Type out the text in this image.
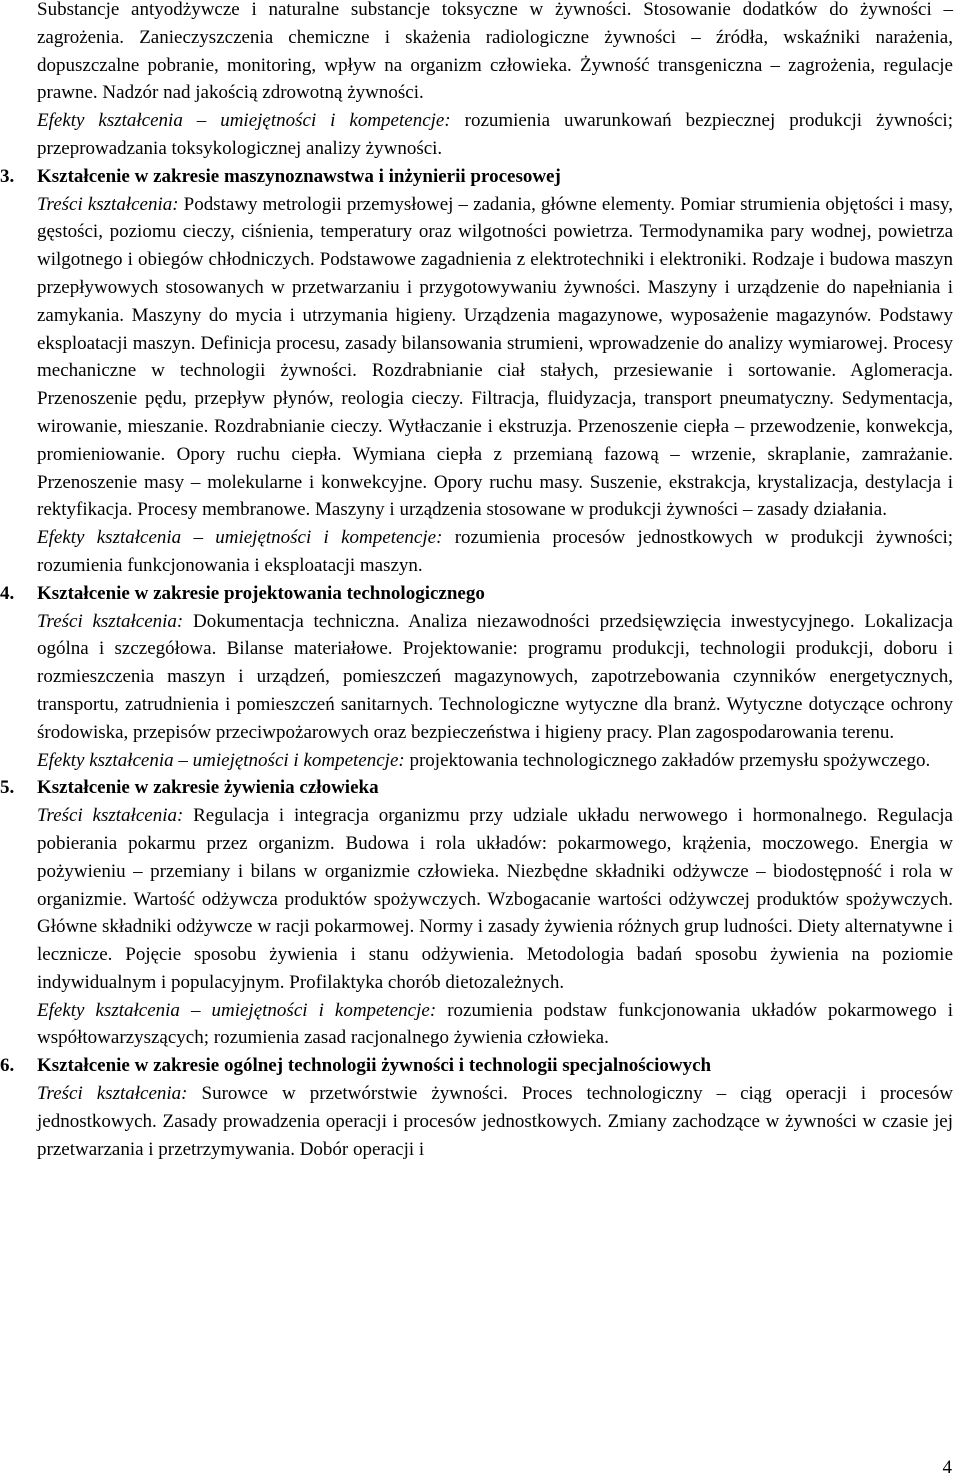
Substancje antyodżywcze i naturalne substancje toksyczne w żywności. Stosowanie dodatków do żywności – zagrożenia. Zanieczyszczenia chemiczne i skażenia radiologiczne żywności – źródła, wskaźniki narażenia, dopuszczalne pobranie, monitoring, wpływ na organizm człowieka. Żywność transgeniczna – zagrożenia, regulacje prawne. Nadzór nad jakością zdrowotną żywności.

Efekty kształcenia – umiejętności i kompetencje: rozumienia uwarunkowań bezpiecznej produkcji żywności; przeprowadzania toksykologicznej analizy żywności.

3.	Kształcenie w zakresie maszynoznawstwa i inżynierii procesowej

Treści kształcenia: Podstawy metrologii przemysłowej – zadania, główne elementy. Pomiar strumienia objętości i masy, gęstości, poziomu cieczy, ciśnienia, temperatury oraz wilgotności powietrza. Termodynamika pary wodnej, powietrza wilgotnego i obiegów chłodniczych. Podstawowe zagadnienia z elektrotechniki i elektroniki. Rodzaje i budowa maszyn przepływowych stosowanych w przetwarzaniu i przygotowywaniu żywności. Maszyny i urządzenie do napełniania i zamykania. Maszyny do mycia i utrzymania higieny. Urządzenia magazynowe, wyposażenie magazynów. Podstawy eksploatacji maszyn. Definicja procesu, zasady bilansowania strumieni, wprowadzenie do analizy wymiarowej. Procesy mechaniczne w technologii żywności. Rozdrabnianie ciał stałych, przesiewanie i sortowanie. Aglomeracja. Przenoszenie pędu, przepływ płynów, reologia cieczy. Filtracja, fluidyzacja, transport pneumatyczny. Sedymentacja, wirowanie, mieszanie. Rozdrabnianie cieczy. Wytłaczanie i ekstruzja. Przenoszenie ciepła – przewodzenie, konwekcja, promieniowanie. Opory ruchu ciepła. Wymiana ciepła z przemianą fazową – wrzenie, skraplanie, zamrażanie. Przenoszenie masy – molekularne i konwekcyjne. Opory ruchu masy. Suszenie, ekstrakcja, krystalizacja, destylacja i rektyfikacja. Procesy membranowe. Maszyny i urządzenia stosowane w produkcji żywności – zasady działania.

Efekty kształcenia – umiejętności i kompetencje: rozumienia procesów jednostkowych w produkcji żywności; rozumienia funkcjonowania i eksploatacji maszyn.

4.	Kształcenie w zakresie projektowania technologicznego

Treści kształcenia: Dokumentacja techniczna. Analiza niezawodności przedsięwzięcia inwestycyjnego. Lokalizacja ogólna i szczegółowa. Bilanse materiałowe. Projektowanie: programu produkcji, technologii produkcji, doboru i rozmieszczenia maszyn i urządzeń, pomieszczeń magazynowych, zapotrzebowania czynników energetycznych, transportu, zatrudnienia i pomieszczeń sanitarnych. Technologiczne wytyczne dla branż. Wytyczne dotyczące ochrony środowiska, przepisów przeciwpożarowych oraz bezpieczeństwa i higieny pracy. Plan zagospodarowania terenu.

Efekty kształcenia – umiejętności i kompetencje: projektowania technologicznego zakładów przemysłu spożywczego.

5.	Kształcenie w zakresie żywienia człowieka

Treści kształcenia: Regulacja i integracja organizmu przy udziale układu nerwowego i hormonalnego. Regulacja pobierania pokarmu przez organizm. Budowa i rola układów: pokarmowego, krążenia, moczowego. Energia w pożywieniu – przemiany i bilans w organizmie człowieka. Niezbędne składniki odżywcze – biodostępność i rola w organizmie. Wartość odżywcza produktów spożywczych. Wzbogacanie wartości odżywczej produktów spożywczych. Główne składniki odżywcze w racji pokarmowej. Normy i zasady żywienia różnych grup ludności. Diety alternatywne i lecznicze. Pojęcie sposobu żywienia i stanu odżywienia. Metodologia badań sposobu żywienia na poziomie indywidualnym i populacyjnym. Profilaktyka chorób dietozależnych.

Efekty kształcenia – umiejętności i kompetencje: rozumienia podstaw funkcjonowania układów pokarmowego i współtowarzyszących; rozumienia zasad racjonalnego żywienia człowieka.

6.	Kształcenie w zakresie ogólnej technologii żywności i technologii specjalnościowych

Treści kształcenia: Surowce w przetwórstwie żywności. Proces technologiczny – ciąg operacji i procesów jednostkowych. Zasady prowadzenia operacji i procesów jednostkowych. Zmiany zachodzące w żywności w czasie jej przetwarzania i przetrzymywania. Dobór operacji i

4
